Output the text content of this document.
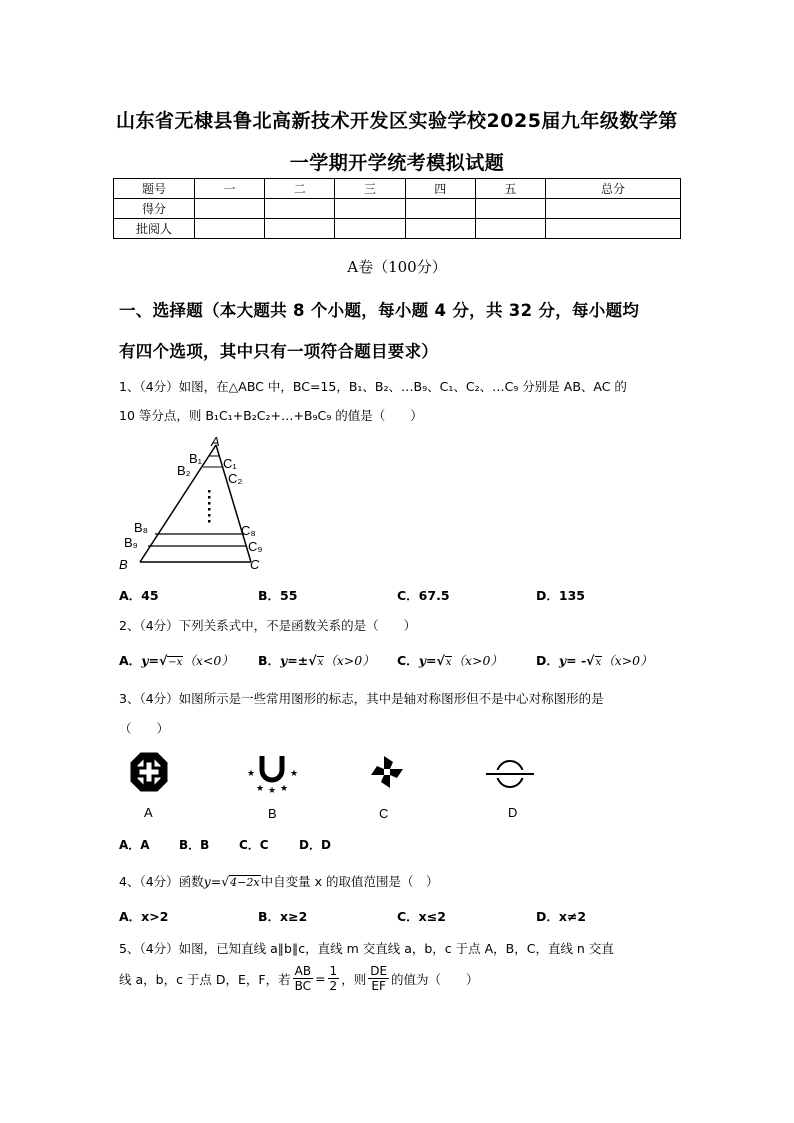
山东省无棣县鲁北高新技术开发区实验学校2025届九年级数学第
一学期开学统考模拟试题
题号	一	二	三	四	五	总分
得分						
批阅人						
A卷（100分）
一、选择题（本大题共 8 个小题，每小题 4 分，共 32 分，每小题均
有四个选项，其中只有一项符合题目要求）
1、（4分）如图，在△ABC 中，BC=15，B₁、B₂、…B₉、C₁、C₂、…C₉ 分别是 AB、AC 的
10 等分点，则 B₁C₁+B₂C₂+…+B₉C₉ 的值是（　　）
A
B₁
B₂ C₁
C₂
B₈
B₉
C₈
C₉
B	C
A．45	B．55	C．67.5	D．135
2、（4分）下列关系式中，不是函数关系的是（　　）
A．y=√−x（x<0） B．y=±√x（x>0） C．y=√x（x>0）	D．y= -√x（x>0）
3、（4分）如图所示是一些常用图形的标志，其中是轴对称图形但不是中心对称图形的是
（　　）
★	★
★ ★ ★
A	B	C	D
A．A B．B C．C	D．D
4、（4分）函数y=√4−2x中自变量 x 的取值范围是（　）
A．x>2	B．x≥2	C．x≤2	D．x≠2
5、（4分）如图，已知直线 a∥b∥c，直线 m 交直线 a，b，c 于点 A，B，C，直线 n 交直
线 a，b，c 于点 D，E，F，若 $\frac{AB}{BC} = \frac{1}{2}$ ，则 $\frac{DE}{EF}$ 的值为（　　）
